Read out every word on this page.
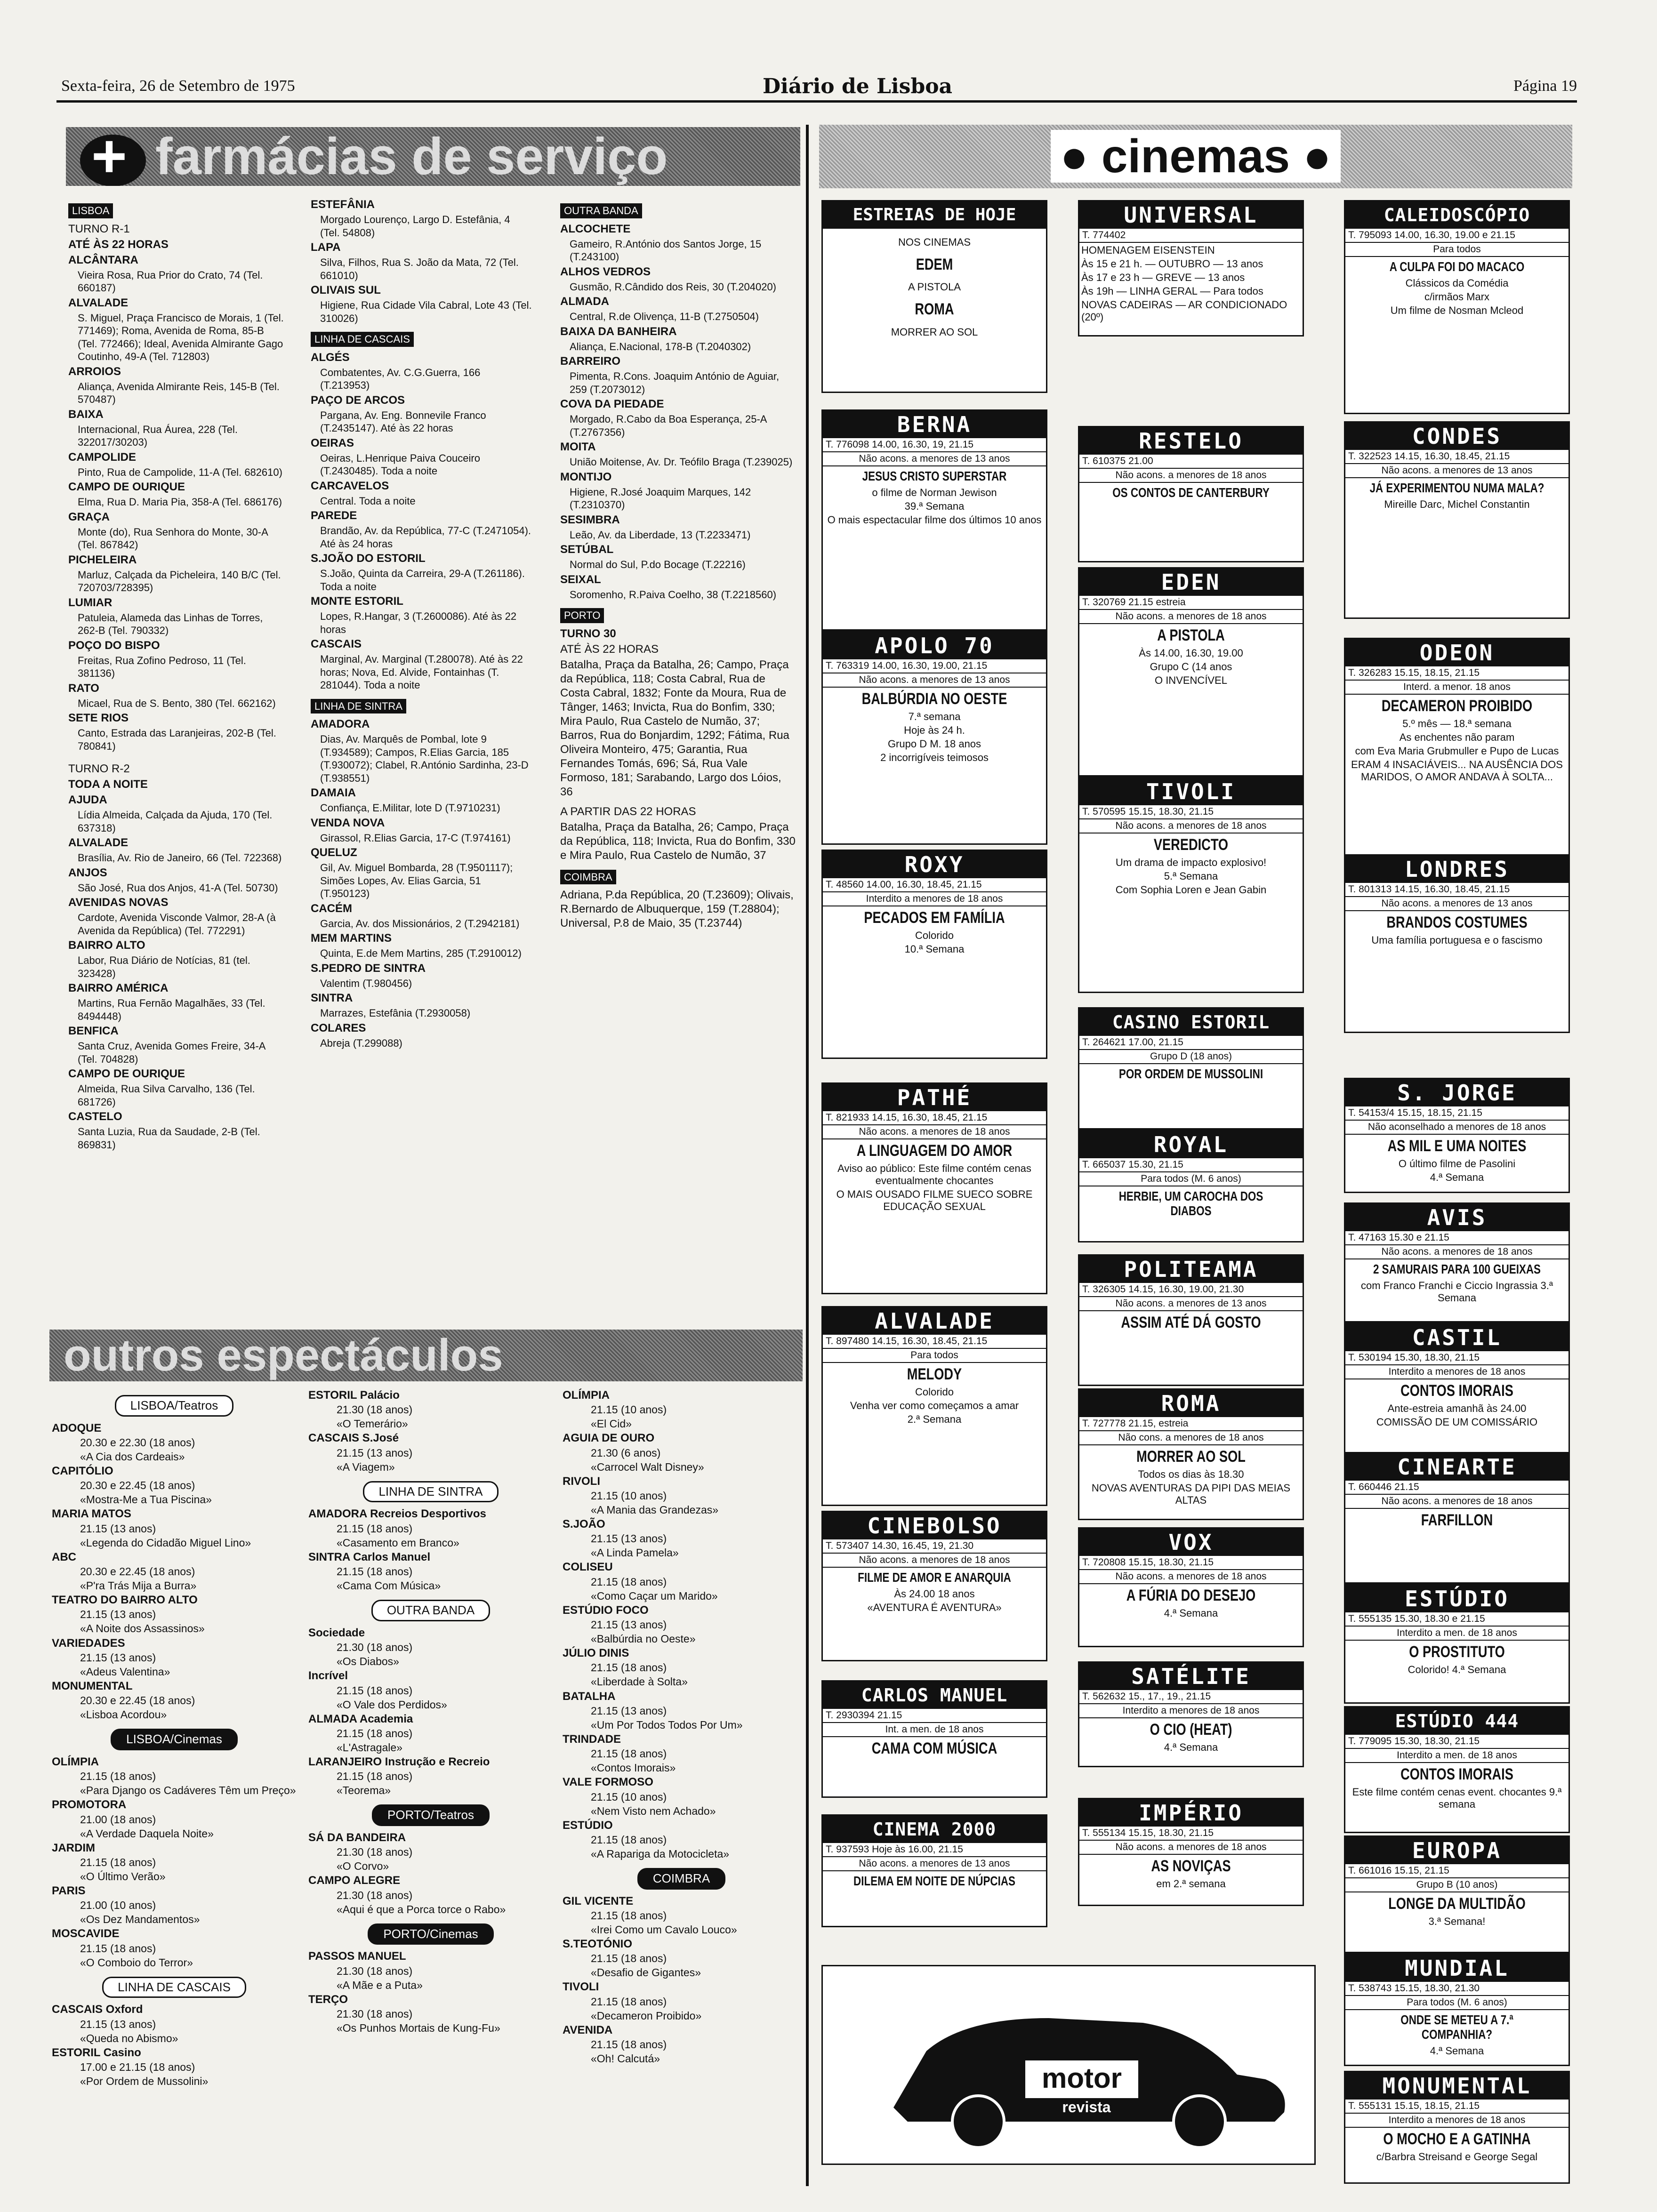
Sexta-feira, 26 de Setembro de 1975	Diário de Lisboa	Página 19
+farmácias de serviço
LISBOA

TURNO R-1

ATÉ ÀS 22 HORAS

ALCÂNTARA

Vieira Rosa, Rua Prior do Crato, 74 (Tel. 660187)

ALVALADE

S. Miguel, Praça Francisco de Morais, 1 (Tel. 771469); Roma, Avenida de Roma, 85-B (Tel. 772466); Ideal, Avenida Almirante Gago Coutinho, 49-A (Tel. 712803)

ARROIOS

Aliança, Avenida Almirante Reis, 145-B (Tel. 570487)

BAIXA

Internacional, Rua Áurea, 228 (Tel. 322017/30203)

CAMPOLIDE

Pinto, Rua de Campolide, 11-A (Tel. 682610)

CAMPO DE OURIQUE

Elma, Rua D. Maria Pia, 358-A (Tel. 686176)

GRAÇA

Monte (do), Rua Senhora do Monte, 30-A (Tel. 867842)

PICHELEIRA

Marluz, Calçada da Picheleira, 140 B/C (Tel. 720703/728395)

LUMIAR

Patuleia, Alameda das Linhas de Torres, 262-B (Tel. 790332)

POÇO DO BISPO

Freitas, Rua Zofino Pedroso, 11 (Tel. 381136)

RATO

Micael, Rua de S. Bento, 380 (Tel. 662162)

SETE RIOS

Canto, Estrada das Laranjeiras, 202-B (Tel. 780841)

TURNO R-2

TODA A NOITE

AJUDA

Lídia Almeida, Calçada da Ajuda, 170 (Tel. 637318)

ALVALADE

Brasília, Av. Rio de Janeiro, 66 (Tel. 722368)

ANJOS

São José, Rua dos Anjos, 41-A (Tel. 50730)

AVENIDAS NOVAS

Cardote, Avenida Visconde Valmor, 28-A (à Avenida da República) (Tel. 772291)

BAIRRO ALTO

Labor, Rua Diário de Notícias, 81 (tel. 323428)

BAIRRO AMÉRICA

Martins, Rua Fernão Magalhães, 33 (Tel. 8494448)

BENFICA

Santa Cruz, Avenida Gomes Freire, 34-A (Tel. 704828)

CAMPO DE OURIQUE

Almeida, Rua Silva Carvalho, 136 (Tel. 681726)

CASTELO

Santa Luzia, Rua da Saudade, 2-B (Tel. 869831)

ESTEFÂNIA

Morgado Lourenço, Largo D. Estefânia, 4 (Tel. 54808)

LAPA

Silva, Filhos, Rua S. João da Mata, 72 (Tel. 661010)

OLIVAIS SUL

Higiene, Rua Cidade Vila Cabral, Lote 43 (Tel. 310026)

LINHA DE CASCAIS

ALGÉS

Combatentes, Av. C.G.Guerra, 166 (T.213953)

PAÇO DE ARCOS

Pargana, Av. Eng. Bonnevile Franco (T.2435147). Até às 22 horas

OEIRAS

Oeiras, L.Henrique Paiva Couceiro (T.2430485). Toda a noite

CARCAVELOS

Central. Toda a noite

PAREDE

Brandão, Av. da República, 77-C (T.2471054). Até às 24 horas

S.JOÃO DO ESTORIL

S.João, Quinta da Carreira, 29-A (T.261186). Toda a noite

MONTE ESTORIL

Lopes, R.Hangar, 3 (T.2600086). Até às 22 horas

CASCAIS

Marginal, Av. Marginal (T.280078). Até às 22 horas; Nova, Ed. Alvide, Fontainhas (T. 281044). Toda a noite

LINHA DE SINTRA

AMADORA

Dias, Av. Marquês de Pombal, lote 9 (T.934589); Campos, R.Elias Garcia, 185 (T.930072); Clabel, R.António Sardinha, 23-D (T.938551)

DAMAIA

Confiança, E.Militar, lote D (T.9710231)

VENDA NOVA

Girassol, R.Elias Garcia, 17-C (T.974161)

QUELUZ

Gil, Av. Miguel Bombarda, 28 (T.9501117); Simões Lopes, Av. Elias Garcia, 51 (T.950123)

CACÉM

Garcia, Av. dos Missionários, 2 (T.2942181)

MEM MARTINS

Quinta, E.de Mem Martins, 285 (T.2910012)

S.PEDRO DE SINTRA

Valentim (T.980456)

SINTRA

Marrazes, Estefânia (T.2930058)

COLARES

Abreja (T.299088)

OUTRA BANDA

ALCOCHETE

Gameiro, R.António dos Santos Jorge, 15 (T.243100)

ALHOS VEDROS

Gusmão, R.Cândido dos Reis, 30 (T.204020)

ALMADA

Central, R.de Olivença, 11-B (T.2750504)

BAIXA DA BANHEIRA

Aliança, E.Nacional, 178-B (T.2040302)

BARREIRO

Pimenta, R.Cons. Joaquim António de Aguiar, 259 (T.2073012)

COVA DA PIEDADE

Morgado, R.Cabo da Boa Esperança, 25-A (T.2767356)

MOITA

União Moitense, Av. Dr. Teófilo Braga (T.239025)

MONTIJO

Higiene, R.José Joaquim Marques, 142 (T.2310370)

SESIMBRA

Leão, Av. da Liberdade, 13 (T.2233471)

SETÚBAL

Normal do Sul, P.do Bocage (T.22216)

SEIXAL

Soromenho, R.Paiva Coelho, 38 (T.2218560)

PORTO

TURNO 30

ATÉ ÀS 22 HORAS

Batalha, Praça da Batalha, 26; Campo, Praça da República, 118; Costa Cabral, Rua de Costa Cabral, 1832; Fonte da Moura, Rua de Tânger, 1463; Invicta, Rua do Bonfim, 330; Mira Paulo, Rua Castelo de Numão, 37; Barros, Rua do Bonjardim, 1292; Fátima, Rua Oliveira Monteiro, 475; Garantia, Rua Fernandes Tomás, 696; Sá, Rua Vale Formoso, 181; Sarabando, Largo dos Lóios, 36

A PARTIR DAS 22 HORAS

Batalha, Praça da Batalha, 26; Campo, Praça da República, 118; Invicta, Rua do Bonfim, 330 e Mira Paulo, Rua Castelo de Numão, 37

COIMBRA

Adriana, P.da República, 20 (T.23609); Olivais, R.Bernardo de Albuquerque, 159 (T.28804); Universal, P.8 de Maio, 35 (T.23744)

outros espectáculos
LISBOA/Teatros

ADOQUE

20.30 e 22.30 (18 anos)

«A Cia dos Cardeais»

CAPITÓLIO

20.30 e 22.45 (18 anos)

«Mostra-Me a Tua Piscina»

MARIA MATOS

21.15 (13 anos)

«Legenda do Cidadão Miguel Lino»

ABC

20.30 e 22.45 (18 anos)

«P'ra Trás Mija a Burra»

TEATRO DO BAIRRO ALTO

21.15 (13 anos)

«A Noite dos Assassinos»

VARIEDADES

21.15 (13 anos)

«Adeus Valentina»

MONUMENTAL

20.30 e 22.45 (18 anos)

«Lisboa Acordou»

LISBOA/Cinemas

OLÍMPIA

21.15 (18 anos)

«Para Django os Cadáveres Têm um Preço»

PROMOTORA

21.00 (18 anos)

«A Verdade Daquela Noite»

JARDIM

21.15 (18 anos)

«O Último Verão»

PARIS

21.00 (10 anos)

«Os Dez Mandamentos»

MOSCAVIDE

21.15 (18 anos)

«O Comboio do Terror»

LINHA DE CASCAIS

CASCAIS Oxford

21.15 (13 anos)

«Queda no Abismo»

ESTORIL Casino

17.00 e 21.15 (18 anos)

«Por Ordem de Mussolini»

ESTORIL Palácio

21.30 (18 anos)

«O Temerário»

CASCAIS S.José

21.15 (13 anos)

«A Viagem»

LINHA DE SINTRA

AMADORA Recreios Desportivos

21.15 (18 anos)

«Casamento em Branco»

SINTRA Carlos Manuel

21.15 (18 anos)

«Cama Com Música»

OUTRA BANDA

Sociedade

21.30 (18 anos)

«Os Diabos»

Incrível

21.15 (18 anos)

«O Vale dos Perdidos»

ALMADA Academia

21.15 (18 anos)

«L'Astragale»

LARANJEIRO Instrução e Recreio

21.15 (18 anos)

«Teorema»

PORTO/Teatros

SÁ DA BANDEIRA

21.30 (18 anos)

«O Corvo»

CAMPO ALEGRE

21.30 (18 anos)

«Aqui é que a Porca torce o Rabo»

PORTO/Cinemas

PASSOS MANUEL

21.30 (18 anos)

«A Mãe e a Puta»

TERÇO

21.30 (18 anos)

«Os Punhos Mortais de Kung-Fu»

OLÍMPIA

21.15 (10 anos)

«El Cid»

AGUIA DE OURO

21.30 (6 anos)

«Carrocel Walt Disney»

RIVOLI

21.15 (10 anos)

«A Mania das Grandezas»

S.JOÃO

21.15 (13 anos)

«A Linda Pamela»

COLISEU

21.15 (18 anos)

«Como Caçar um Marido»

ESTÚDIO FOCO

21.15 (13 anos)

«Balbúrdia no Oeste»

JÚLIO DINIS

21.15 (18 anos)

«Liberdade à Solta»

BATALHA

21.15 (13 anos)

«Um Por Todos Todos Por Um»

TRINDADE

21.15 (18 anos)

«Contos Imorais»

VALE FORMOSO

21.15 (10 anos)

«Nem Visto nem Achado»

ESTÚDIO

21.15 (18 anos)

«A Rapariga da Motocicleta»

COIMBRA

GIL VICENTE

21.15 (18 anos)

«Irei Como um Cavalo Louco»

S.TEOTÓNIO

21.15 (18 anos)

«Desafio de Gigantes»

TIVOLI

21.15 (18 anos)

«Decameron Proibido»

AVENIDA

21.15 (18 anos)

«Oh! Calcutá»

● cinemas ●
ESTREIAS DE HOJE
NOS CINEMAS
EDEM
A PISTOLA
ROMA
MORRER AO SOL
UNIVERSAL
T. 774402
HOMENAGEM EISENSTEIN
Às 15 e 21 h. — OUTUBRO — 13 anos
Às 17 e 23 h — GREVE — 13 anos
Às 19h — LINHA GERAL — Para todos
NOVAS CADEIRAS — AR CONDICIONADO (20º)
CALEIDOSCÓPIO
T. 795093 14.00, 16.30, 19.00 e 21.15
Para todos
A CULPA FOI DO MACACO
Clássicos da Comédia
c/irmãos Marx
Um filme de Nosman Mcleod
BERNA
T. 776098 14.00, 16.30, 19, 21.15
Não acons. a menores de 13 anos
JESUS CRISTO SUPERSTAR
o filme de Norman Jewison
39.ª Semana
O mais espectacular filme dos últimos 10 anos
RESTELO
T. 610375 21.00
Não acons. a menores de 18 anos
OS CONTOS DE CANTERBURY
CONDES
T. 322523 14.15, 16.30, 18.45, 21.15
Não acons. a menores de 13 anos
JÁ EXPERIMENTOU NUMA MALA?
Mireille Darc, Michel Constantin
EDEN
T. 320769 21.15 estreia
Não acons. a menores de 18 anos
A PISTOLA
Às 14.00, 16.30, 19.00
Grupo C (14 anos
O INVENCÍVEL
APOLO 70
T. 763319 14.00, 16.30, 19.00, 21.15
Não acons. a menores de 13 anos
BALBÚRDIA NO OESTE
7.ª semana
Hoje às 24 h.
Grupo D M. 18 anos
2 incorrigíveis teimosos
ODEON
T. 326283 15.15, 18.15, 21.15
Interd. a menor. 18 anos
DECAMERON PROIBIDO
5.º mês — 18.ª semana
As enchentes não param
com Eva Maria Grubmuller e Pupo de Lucas
ERAM 4 INSACIÁVEIS... NA AUSÊNCIA DOS MARIDOS, O AMOR ANDAVA À SOLTA...
TIVOLI
T. 570595 15.15, 18.30, 21.15
Não acons. a menores de 18 anos
VEREDICTO
Um drama de impacto explosivo!
5.ª Semana
Com Sophia Loren e Jean Gabin
ROXY
T. 48560 14.00, 16.30, 18.45, 21.15
Interdito a menores de 18 anos
PECADOS EM FAMÍLIA
Colorido
10.ª Semana
LONDRES
T. 801313 14.15, 16.30, 18.45, 21.15
Não acons. a menores de 13 anos
BRANDOS COSTUMES
Uma família portuguesa e o fascismo
CASINO ESTORIL
T. 264621 17.00, 21.15
Grupo D (18 anos)
POR ORDEM DE MUSSOLINI
S. JORGE
T. 54153/4 15.15, 18.15, 21.15
Não aconselhado a menores de 18 anos
AS MIL E UMA NOITES
O último filme de Pasolini
4.ª Semana
PATHÉ
T. 821933 14.15, 16.30, 18.45, 21.15
Não acons. a menores de 18 anos
A LINGUAGEM DO AMOR
Aviso ao público: Este filme contém cenas eventualmente chocantes
O MAIS OUSADO FILME SUECO SOBRE EDUCAÇÃO SEXUAL
ROYAL
T. 665037 15.30, 21.15
Para todos (M. 6 anos)
HERBIE, UM CAROCHA DOS DIABOS	AVIS
T. 47163 15.30 e 21.15
Não acons. a menores de 18 anos
2 SAMURAIS PARA 100 GUEIXAS
com Franco Franchi e Ciccio Ingrassia 3.ª Semana
POLITEAMA
T. 326305 14.15, 16.30, 19.00, 21.30
Não acons. a menores de 13 anos
ASSIM ATÉ DÁ GOSTO
ALVALADE
T. 897480 14.15, 16.30, 18.45, 21.15
Para todos
MELODY
Colorido
Venha ver como começamos a amar
2.ª Semana
CASTIL
T. 530194 15.30, 18.30, 21.15
Interdito a menores de 18 anos
CONTOS IMORAIS
Ante-estreia amanhã às 24.00
COMISSÃO DE UM COMISSÁRIO
ROMA
T. 727778 21.15, estreia
Não cons. a menores de 18 anos
MORRER AO SOL
Todos os dias às 18.30
NOVAS AVENTURAS DA PIPI DAS MEIAS ALTAS
CINEARTE
T. 660446 21.15
Não acons. a menores de 18 anos
FARFILLON
VOX
T. 720808 15.15, 18.30, 21.15
Não acons. a menores de 18 anos
A FÚRIA DO DESEJO
4.ª Semana
CINEBOLSO
T. 573407 14.30, 16.45, 19, 21.30
Não acons. a menores de 18 anos
FILME DE AMOR E ANARQUIA
Às 24.00 18 anos
«AVENTURA É AVENTURA»	ESTÚDIO
T. 555135 15.30, 18.30 e 21.15
Interdito a men. de 18 anos
O PROSTITUTO
Colorido! 4.ª Semana
SATÉLITE
T. 562632 15., 17., 19., 21.15
Interdito a menores de 18 anos
O CIO (HEAT)
4.ª Semana
CARLOS MANUEL
T. 2930394 21.15
Int. a men. de 18 anos
CAMA COM MÚSICA
ESTÚDIO 444
T. 779095 15.30, 18.30, 21.15
Interdito a men. de 18 anos
CONTOS IMORAIS
Este filme contém cenas event. chocantes 9.ª semana
IMPÉRIO
T. 555134 15.15, 18.30, 21.15
Não acons. a menores de 18 anos
AS NOVIÇAS
em 2.ª semana
CINEMA 2000
T. 937593 Hoje às 16.00, 21.15
Não acons. a menores de 13 anos
DILEMA EM NOITE DE NÚPCIAS
EUROPA
T. 661016 15.15, 21.15
Grupo B (10 anos)
LONGE DA MULTIDÃO
3.ª Semana!
MUNDIAL
T. 538743 15.15, 18.30, 21.30
Para todos (M. 6 anos)
ONDE SE METEU A 7.ª COMPANHIA?
4.ª Semana
MONUMENTAL
T. 555131 15.15, 18.15, 21.15
Interdito a menores de 18 anos
O MOCHO E A GATINHA
c/Barbra Streisand e George Segal
motor
revista
